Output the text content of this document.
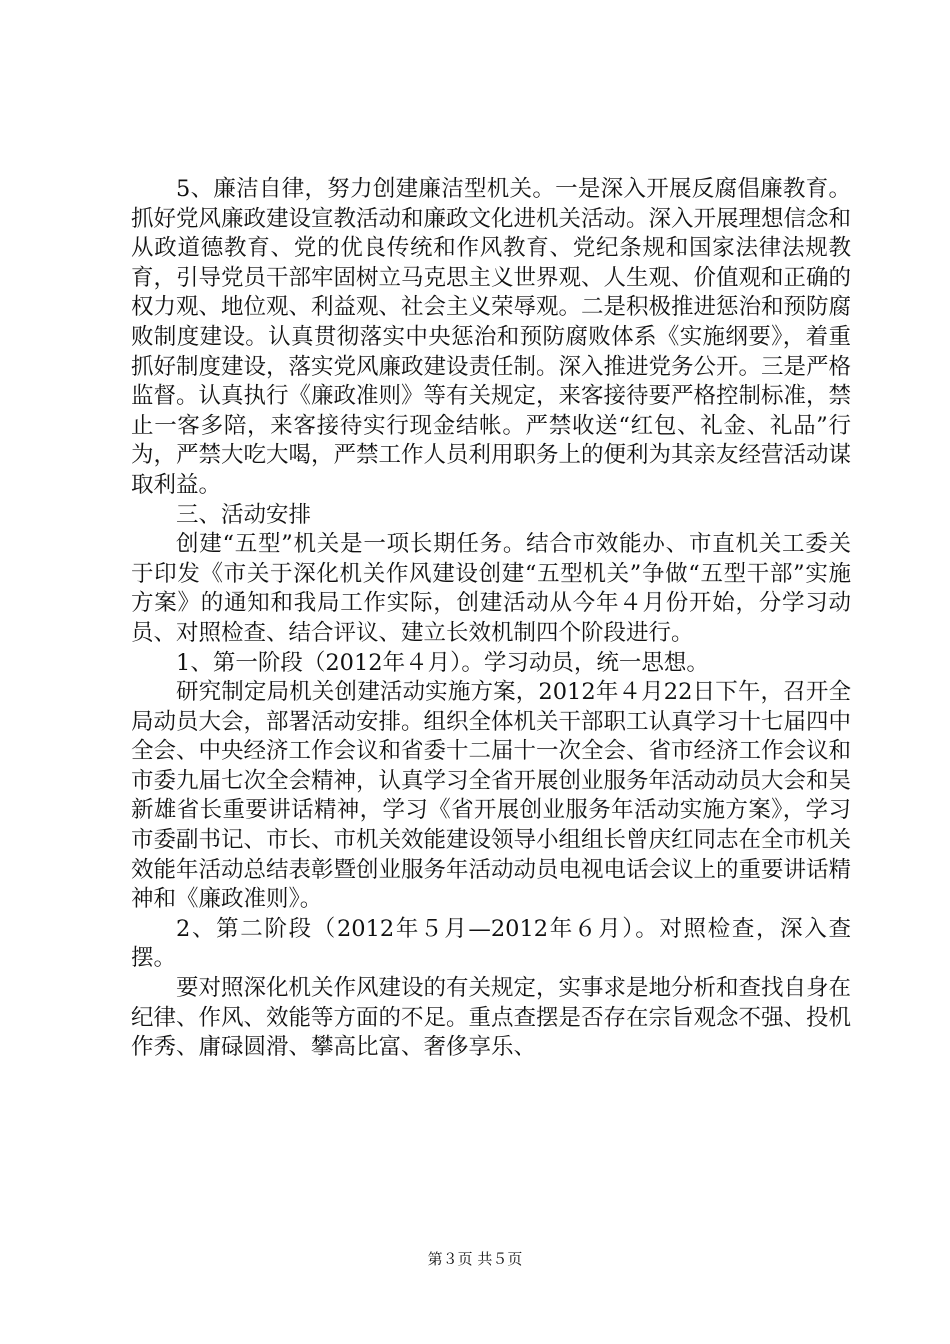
5、廉洁自律，努力创建廉洁型机关。一是深入开展反腐倡廉教育。抓好党风廉政建设宣教活动和廉政文化进机关活动。深入开展理想信念和从政道德教育、党的优良传统和作风教育、党纪条规和国家法律法规教育，引导党员干部牢固树立马克思主义世界观、人生观、价值观和正确的权力观、地位观、利益观、社会主义荣辱观。二是积极推进惩治和预防腐败制度建设。认真贯彻落实中央惩治和预防腐败体系《实施纲要》，着重抓好制度建设，落实党风廉政建设责任制。深入推进党务公开。三是严格监督。认真执行《廉政准则》等有关规定，来客接待要严格控制标准，禁止一客多陪，来客接待实行现金结帐。严禁收送“红包、礼金、礼品”行为，严禁大吃大喝，严禁工作人员利用职务上的便利为其亲友经营活动谋取利益。

三、活动安排

创建“五型”机关是一项长期任务。结合市效能办、市直机关工委关于印发《市关于深化机关作风建设创建“五型机关”争做“五型干部”实施方案》的通知和我局工作实际，创建活动从今年４月份开始，分学习动员、对照检查、结合评议、建立长效机制四个阶段进行。

1、第一阶段（2012年４月）。学习动员，统一思想。

研究制定局机关创建活动实施方案，2012年４月22日下午，召开全局动员大会，部署活动安排。组织全体机关干部职工认真学习十七届四中全会、中央经济工作会议和省委十二届十一次全会、省市经济工作会议和市委九届七次全会精神，认真学习全省开展创业服务年活动动员大会和吴新雄省长重要讲话精神，学习《省开展创业服务年活动实施方案》，学习市委副书记、市长、市机关效能建设领导小组组长曾庆红同志在全市机关效能年活动总结表彰暨创业服务年活动动员电视电话会议上的重要讲话精神和《廉政准则》。

2、第二阶段（2012年５月—2012年６月）。对照检查，深入查摆。

要对照深化机关作风建设的有关规定，实事求是地分析和查找自身在纪律、作风、效能等方面的不足。重点查摆是否存在宗旨观念不强、投机作秀、庸碌圆滑、攀高比富、奢侈享乐、

第３页 共５页
